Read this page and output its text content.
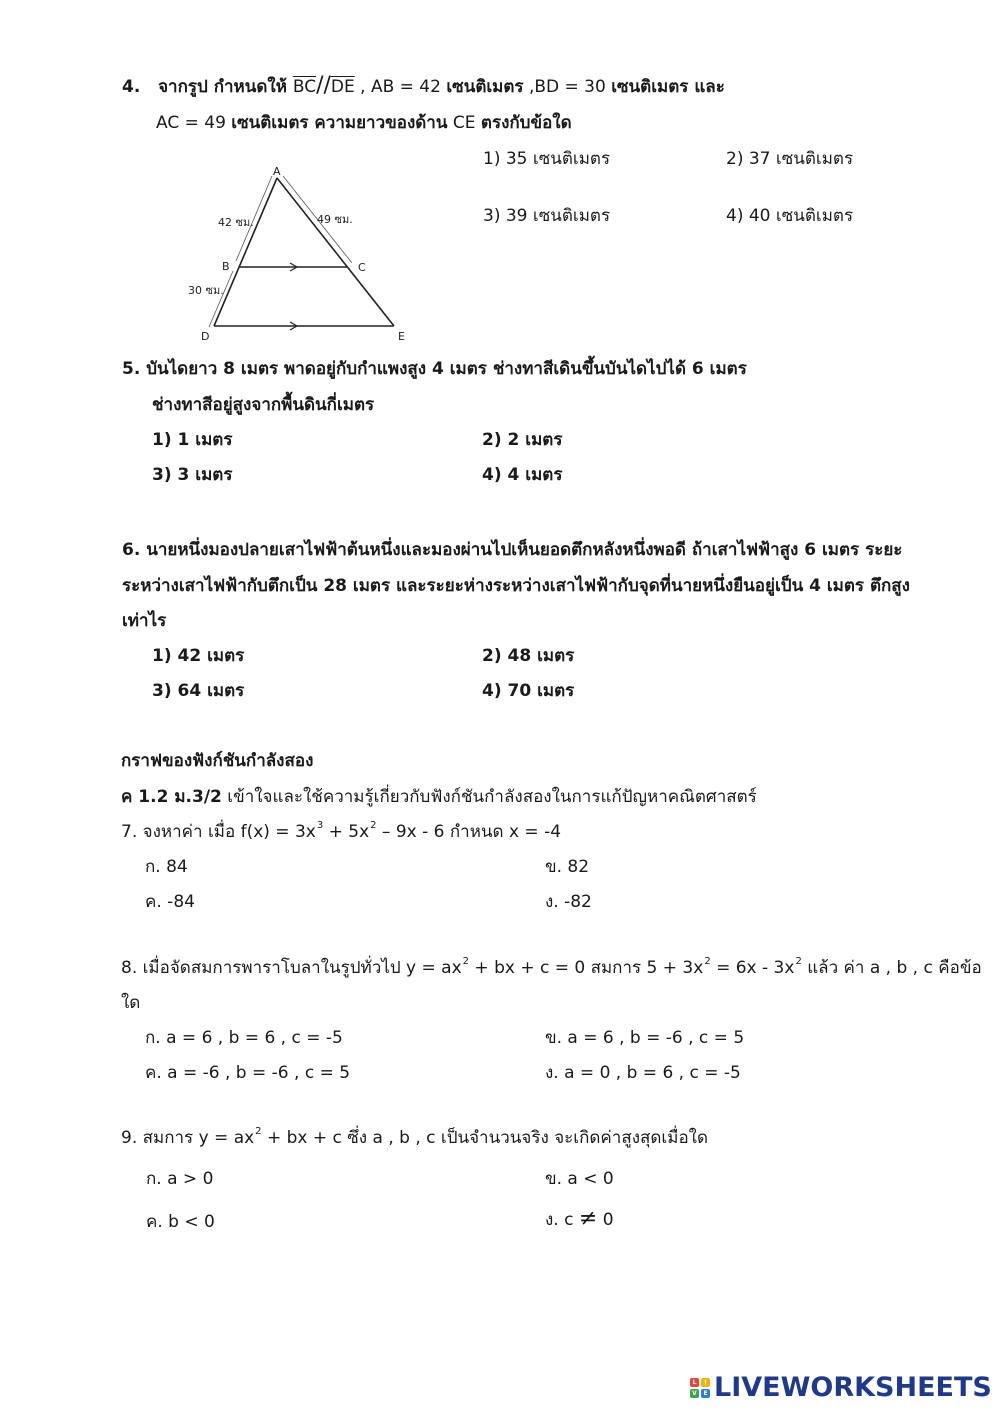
4. จากรูป กำหนดให้ $\overline{BC}//\overline{DE}$ , AB = 42 เซนติเมตร ,BD = 30 เซนติเมตร และ
AC = 49 เซนติเมตร ความยาวของด้าน CE ตรงกับข้อใด
1) 35 เซนติเมตร	2) 37 เซนติเมตร
3) 39 เซนติเมตร	4) 40 เซนติเมตร
A
B	C
D	E
42 ซม.	49 ซม.
30 ซม.
5. บันไดยาว 8 เมตร พาดอยู่กับกำแพงสูง 4 เมตร ช่างทาสีเดินขึ้นบันไดไปได้ 6 เมตร
ช่างทาสีอยู่สูงจากพื้นดินกี่เมตร
1) 1 เมตร	2) 2 เมตร
3) 3 เมตร	4) 4 เมตร
6. นายหนึ่งมองปลายเสาไฟฟ้าต้นหนึ่งและมองผ่านไปเห็นยอดตึกหลังหนึ่งพอดี ถ้าเสาไฟฟ้าสูง 6 เมตร ระยะ
ระหว่างเสาไฟฟ้ากับตึกเป็น 28 เมตร และระยะห่างระหว่างเสาไฟฟ้ากับจุดที่นายหนึ่งยืนอยู่เป็น 4 เมตร ตึกสูง
เท่าไร
1) 42 เมตร	2) 48 เมตร
3) 64 เมตร	4) 70 เมตร
กราฟของฟังก์ชันกำลังสอง
ค 1.2 ม.3/2 เข้าใจและใช้ความรู้เกี่ยวกับฟังก์ชันกำลังสองในการแก้ปัญหาคณิตศาสตร์
7. จงหาค่า เมื่อ $f(x) = 3x^3 + 5x^2 - 9x - 6$ กำหนด x = -4
ก. 84	ข. 82
ค. -84	ง. -82
8. เมื่อจัดสมการพาราโบลาในรูปทั่วไป $y = ax^2$ + bx + c = 0 สมการ $5 + 3x^2 = 6x - 3x^2$ แล้ว ค่า a , b , c คือข้อ
ใด
ก. a = 6 , b = 6 , c = -5	ข. a = 6 , b = -6 , c = 5
ค. a = -6 , b = -6 , c = 5	ง. a = 0 , b = 6 , c = -5
9. สมการ $y = ax^2$ + bx + c ซึ่ง a , b , c เป็นจำนวนจริง จะเกิดค่าสูงสุดเมื่อใด
ก. a > 0	ข. a < 0
ค. b < 0	ง. c ≠ 0
L	I
V	E LIVEWORKSHEETS
